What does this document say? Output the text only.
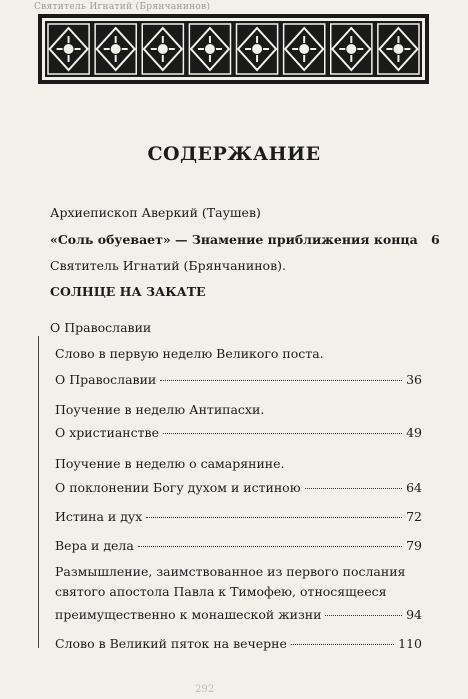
Святитель Игнатий (Брянчанинов)
СОДЕРЖАНИЕ
Архиепископ Аверкий (Таушев)
«Соль обуевает» — Знамение приближения конца	6
Святитель Игнатий (Брянчанинов).
СОЛНЦЕ НА ЗАКАТЕ
О Православии
Слово в первую неделю Великого поста.
О Православии	36
Поучение в неделю Антипасхи.
О христианстве	49
Поучение в неделю о самарянине.
О поклонении Богу духом и истиною	64
Истина и дух	72
Вера и дела	79
Размышление, заимствованное из первого послания
святого апостола Павла к Тимофею, относящееся
преимущественно к монашеской жизни	94
Слово в Великий пяток на вечерне	110
292
